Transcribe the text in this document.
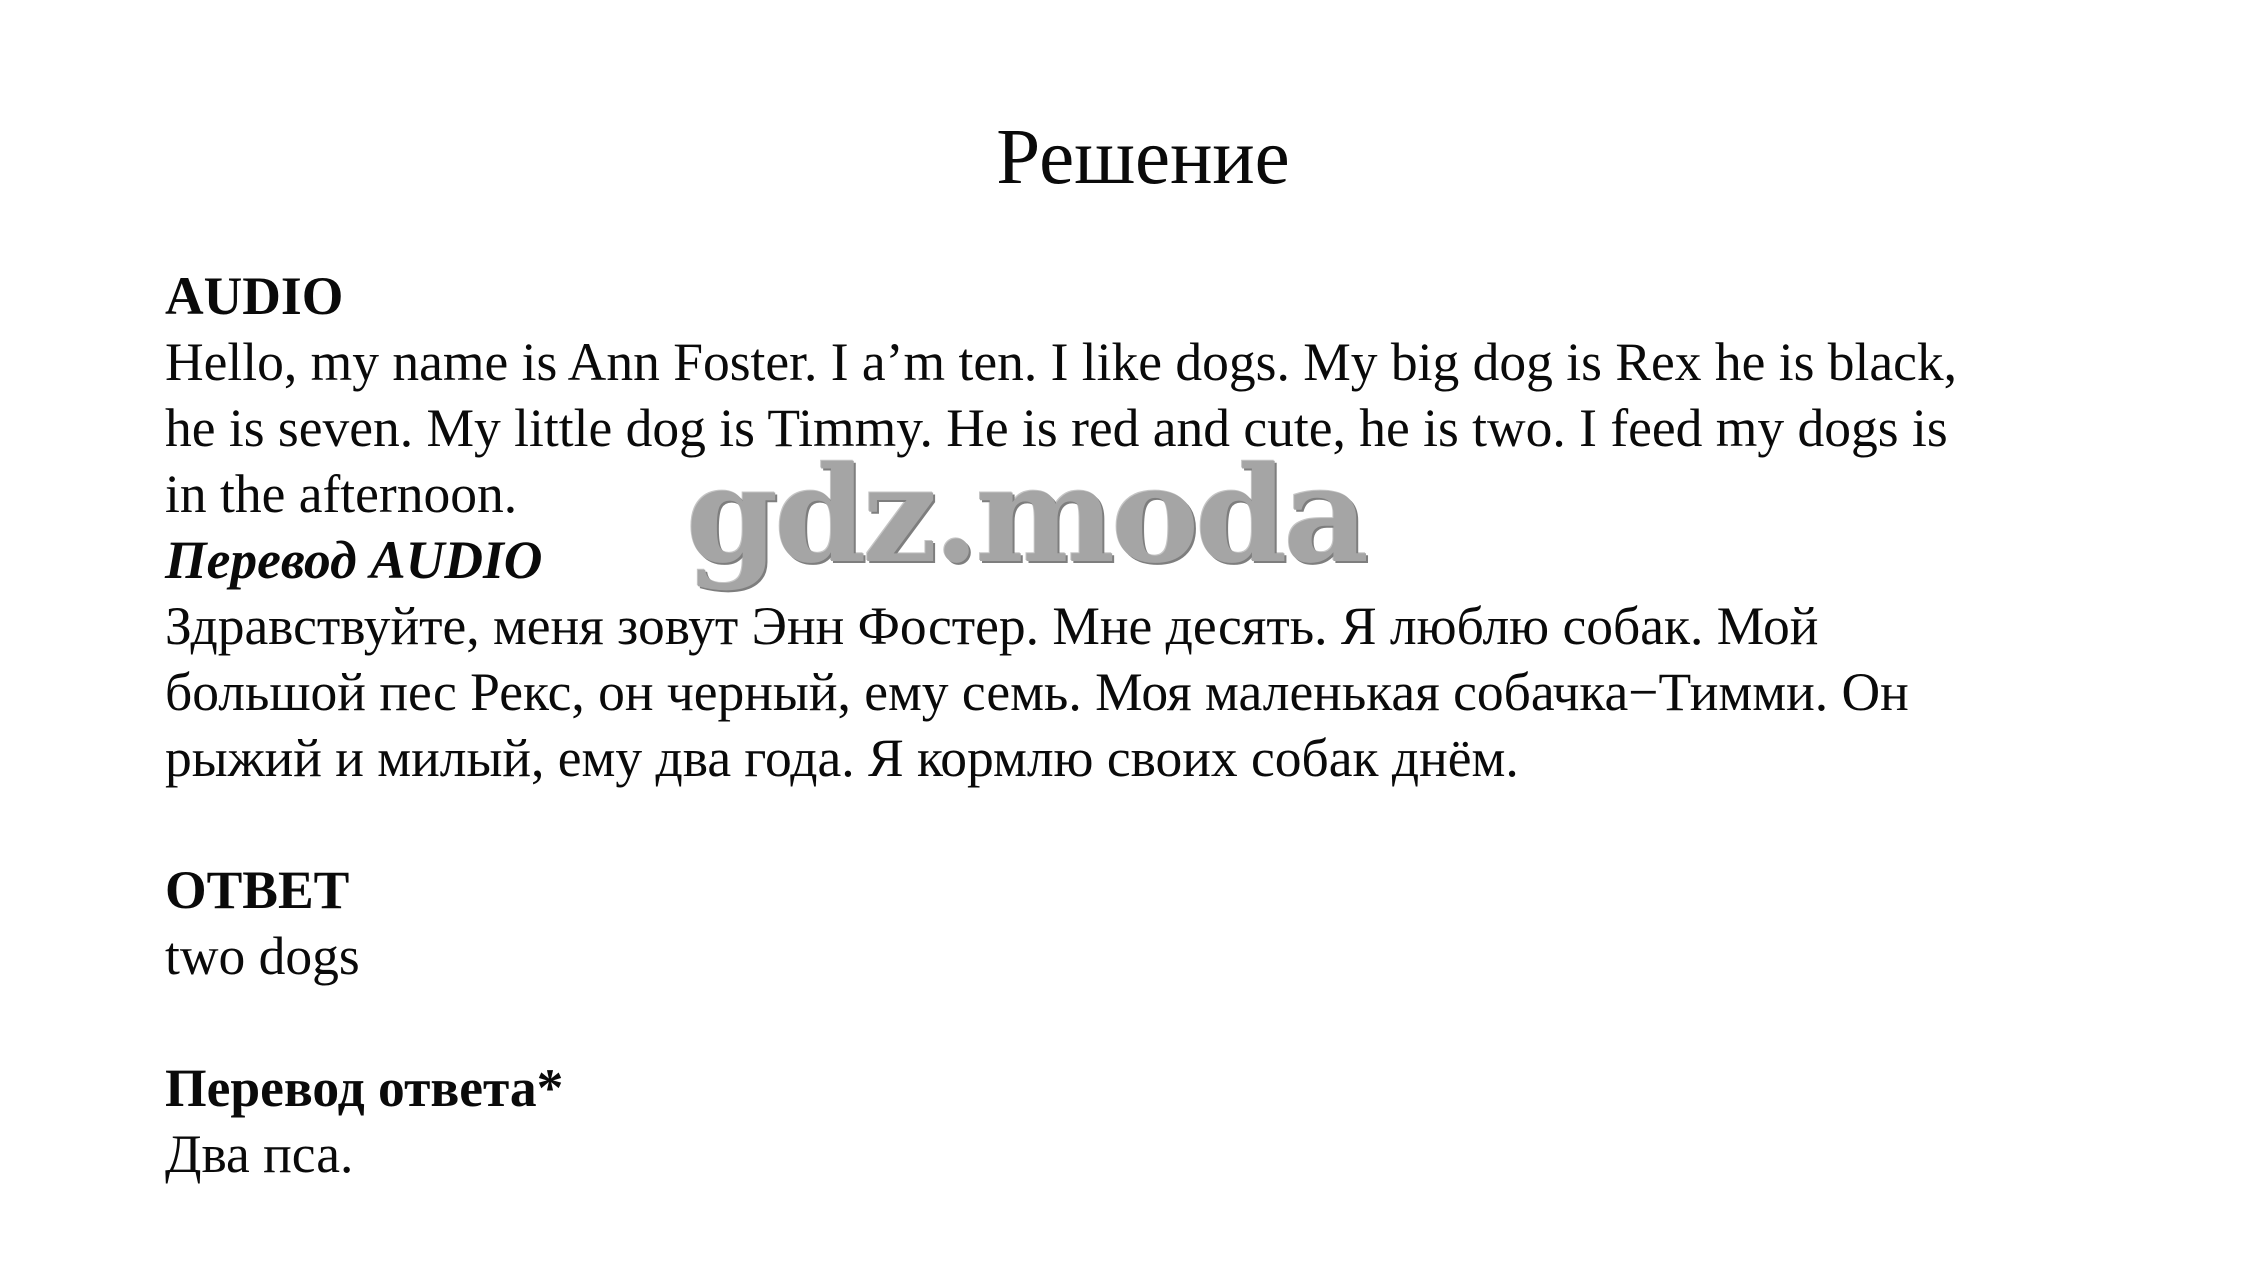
Решение
AUDIO
Hello, my name is Ann Foster. I a’m ten. I like dogs. My big dog is Rex he is black,
he is seven. My little dog is Timmy. He is red and cute, he is two. I feed my dogs is
in the afternoon.
Перевод AUDIO
Здравствуйте, меня зовут Энн Фостер. Мне десять. Я люблю собак. Мой
большой пес Рекс, он черный, ему семь. Моя маленькая собачка−Тимми. Он
рыжий и милый, ему два года. Я кормлю своих собак днём.
ОТВЕТ
two dogs
Перевод ответа*
Два пса.
gdz.moda
